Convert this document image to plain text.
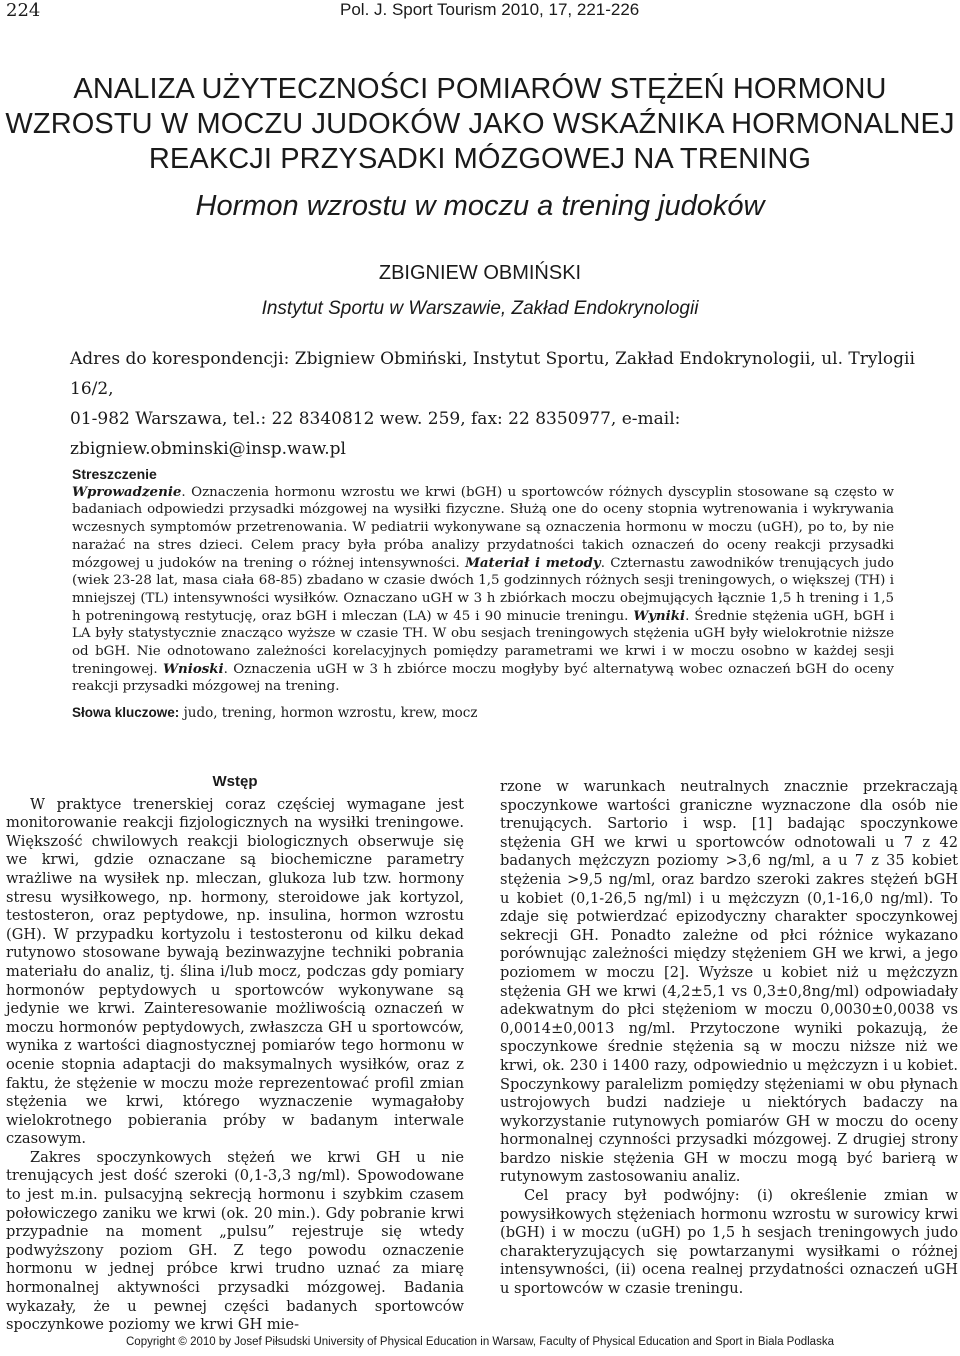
224	Pol. J. Sport Tourism 2010, 17, 221-226
ANALIZA UŻYTECZNOŚCI POMIARÓW STĘŻEŃ HORMONU
WZROSTU W MOCZU JUDOKÓW JAKO WSKAŹNIKA HORMONALNEJ
REAKCJI PRZYSADKI MÓZGOWEJ NA TRENING
Hormon wzrostu w moczu a trening judoków
ZBIGNIEW OBMIŃSKI
Instytut Sportu w Warszawie, Zakład Endokrynologii
Adres do korespondencji: Zbigniew Obmiński, Instytut Sportu, Zakład Endokrynologii, ul. Trylogii 16/2,
01-982 Warszawa, tel.: 22 8340812 wew. 259, fax: 22 8350977, e-mail: zbigniew.obminski@insp.waw.pl
Streszczenie
Wprowadzenie. Oznaczenia hormonu wzrostu we krwi (bGH) u sportowców różnych dyscyplin stosowane są często w badaniach odpowiedzi przysadki mózgowej na wysiłki fizyczne. Służą one do oceny stopnia wytrenowania i wykrywania wczesnych symptomów przetrenowania. W pediatrii wykonywane są oznaczenia hormonu w moczu (uGH), po to, by nie narażać na stres dzieci. Celem pracy była próba analizy przydatności takich oznaczeń do oceny reakcji przysadki mózgowej u judoków na trening o różnej intensywności. Materiał i metody. Czternastu zawodników trenujących judo (wiek 23-28 lat, masa ciała 68-85) zbadano w czasie dwóch 1,5 godzinnych różnych sesji treningowych, o większej (TH) i mniejszej (TL) intensywności wysiłków. Oznaczano uGH w 3 h zbiórkach moczu obejmujących łącznie 1,5 h trening i 1,5 h potreningową restytucję, oraz bGH i mleczan (LA) w 45 i 90 minucie treningu. Wyniki. Średnie stężenia uGH, bGH i LA były statystycznie znacząco wyższe w czasie TH. W obu sesjach treningowych stężenia uGH były wielokrotnie niższe od bGH. Nie odnotowano zależności korelacyjnych pomiędzy parametrami we krwi i w moczu osobno w każdej sesji treningowej. Wnioski. Oznaczenia uGH w 3 h zbiórce moczu mogłyby być alternatywą wobec oznaczeń bGH do oceny reakcji przysadki mózgowej na trening.
Słowa kluczowe: judo, trening, hormon wzrostu, krew, mocz
Wstęp

W praktyce trenerskiej coraz częściej wymagane jest monitorowanie reakcji fizjologicznych na wysiłki treningowe. Większość chwilowych reakcji biologicznych obserwuje się we krwi, gdzie oznaczane są biochemiczne parametry wrażliwe na wysiłek np. mleczan, glukoza lub tzw. hormony stresu wysiłkowego, np. hormony, steroidowe jak kortyzol, testosteron, oraz peptydowe, np. insulina, hormon wzrostu (GH). W przypadku kortyzolu i testosteronu od kilku dekad rutynowo stosowane bywają bezinwazyjne techniki pobrania materiału do analiz, tj. ślina i/lub mocz, podczas gdy pomiary hormonów peptydowych u sportowców wykonywane są jedynie we krwi. Zainteresowanie możliwością oznaczeń w moczu hormonów peptydowych, zwłaszcza GH u sportowców, wynika z wartości diagnostycznej pomiarów tego hormonu w ocenie stopnia adaptacji do maksymalnych wysiłków, oraz z faktu, że stężenie w moczu może reprezentować profil zmian stężenia we krwi, którego wyznaczenie wymagałoby wielokrotnego pobierania próby w badanym interwale czasowym.

Zakres spoczynkowych stężeń we krwi GH u nie trenujących jest dość szeroki (0,1-3,3 ng/ml). Spowodowane to jest m.in. pulsacyjną sekrecją hormonu i szybkim czasem połowiczego zaniku we krwi (ok. 20 min.). Gdy pobranie krwi przypadnie na moment „pulsu” rejestruje się wtedy podwyższony poziom GH. Z tego powodu oznaczenie hormonu w jednej próbce krwi trudno uznać za miarę hormonalnej aktywności przysadki mózgowej. Badania wykazały, że u pewnej części badanych sportowców spoczynkowe poziomy we krwi GH mie-

rzone w warunkach neutralnych znacznie przekraczają spoczynkowe wartości graniczne wyznaczone dla osób nie trenujących. Sartorio i wsp. [1] badając spoczynkowe stężenia GH we krwi u sportowców odnotowali u 7 z 42 badanych mężczyzn poziomy >3,6 ng/ml, a u 7 z 35 kobiet stężenia >9,5 ng/ml, oraz bardzo szeroki zakres stężeń bGH u kobiet (0,1-26,5 ng/ml) i u mężczyzn (0,1-16,0 ng/ml). To zdaje się potwierdzać epizodyczny charakter spoczynkowej sekrecji GH. Ponadto zależne od płci różnice wykazano porównując zależności między stężeniem GH we krwi, a jego poziomem w moczu [2]. Wyższe u kobiet niż u mężczyzn stężenia GH we krwi (4,2±5,1 vs 0,3±0,8ng/ml) odpowiadały adekwatnym do płci stężeniom w moczu 0,0030±0,0038 vs 0,0014±0,0013 ng/ml. Przytoczone wyniki pokazują, że spoczynkowe średnie stężenia są w moczu niższe niż we krwi, ok. 230 i 1400 razy, odpowiednio u mężczyzn i u kobiet. Spoczynkowy paralelizm pomiędzy stężeniami w obu płynach ustrojowych budzi nadzieje u niektórych badaczy na wykorzystanie rutynowych pomiarów GH w moczu do oceny hormonalnej czynności przysadki mózgowej. Z drugiej strony bardzo niskie stężenia GH w moczu mogą być barierą w rutynowym zastosowaniu analiz.

Cel pracy był podwójny: (i) określenie zmian w powysiłkowych stężeniach hormonu wzrostu w surowicy krwi (bGH) i w moczu (uGH) po 1,5 h sesjach treningowych judo charakteryzujących się powtarzanymi wysiłkami o różnej intensywności, (ii) ocena realnej przydatności oznaczeń uGH u sportowców w czasie treningu.

Copyright © 2010 by Josef Piłsudski University of Physical Education in Warsaw, Faculty of Physical Education and Sport in Biala Podlaska
